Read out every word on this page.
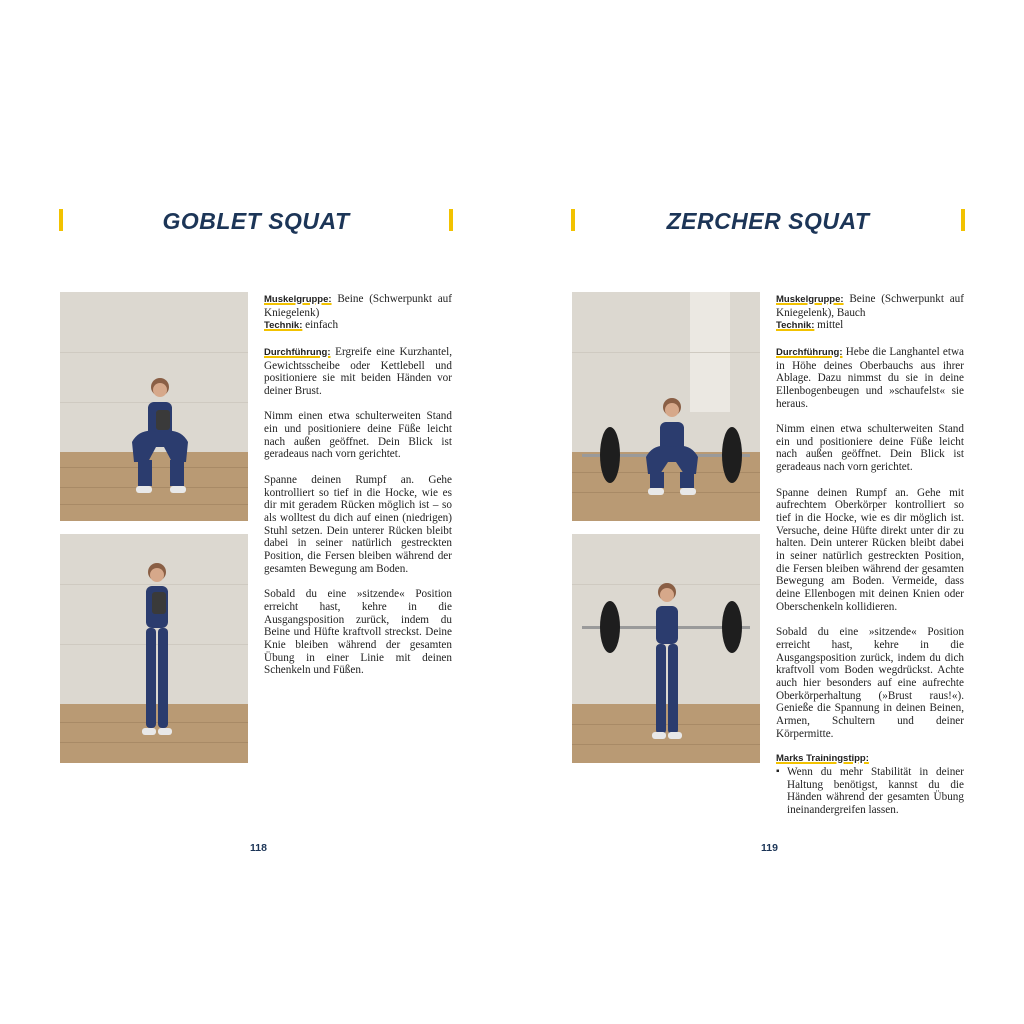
GOBLET SQUAT

Muskelgruppe: Beine (Schwerpunkt auf Kniegelenk)
Technik: einfach

Durchführung: Ergreife eine Kurzhantel, Gewichtsscheibe oder Kettlebell und positioniere sie mit beiden Händen vor deiner Brust.

Nimm einen etwa schulterweiten Stand ein und positioniere deine Füße leicht nach außen geöffnet. Dein Blick ist geradeaus nach vorn gerichtet.

Spanne deinen Rumpf an. Gehe kontrolliert so tief in die Hocke, wie es dir mit geradem Rücken möglich ist – so als wolltest du dich auf einen (niedrigen) Stuhl setzen. Dein unterer Rücken bleibt dabei in seiner natürlich gestreckten Position, die Fersen bleiben während der gesamten Bewegung am Boden.

Sobald du eine »sitzende« Position erreicht hast, kehre in die Ausgangsposition zurück, indem du Beine und Hüfte kraftvoll streckst. Deine Knie bleiben während der gesamten Übung in einer Linie mit deinen Schenkeln und Füßen.

118
ZERCHER SQUAT

Muskelgruppe: Beine (Schwerpunkt auf Kniegelenk), Bauch
Technik: mittel

Durchführung: Hebe die Langhantel etwa in Höhe deines Oberbauchs aus ihrer Ablage. Dazu nimmst du sie in deine Ellenbogenbeugen und »schaufelst« sie heraus.

Nimm einen etwa schulterweiten Stand ein und positioniere deine Füße leicht nach außen geöffnet. Dein Blick ist geradeaus nach vorn gerichtet.

Spanne deinen Rumpf an. Gehe mit aufrechtem Oberkörper kontrolliert so tief in die Hocke, wie es dir möglich ist. Versuche, deine Hüfte direkt unter dir zu halten. Dein unterer Rücken bleibt dabei in seiner natürlich gestreckten Position, die Fersen bleiben während der gesamten Bewegung am Boden. Vermeide, dass deine Ellenbogen mit deinen Knien oder Oberschenkeln kollidieren.

Sobald du eine »sitzende« Position erreicht hast, kehre in die Ausgangsposition zurück, indem du dich kraftvoll vom Boden wegdrückst. Achte auch hier besonders auf eine aufrechte Oberkörperhaltung (»Brust raus!«). Genieße die Spannung in deinen Beinen, Armen, Schultern und deiner Körpermitte.

Marks Trainingstipp:
▪ Wenn du mehr Stabilität in deiner Haltung benötigst, kannst du die Händen während der gesamten Übung ineinandergreifen lassen.
119
